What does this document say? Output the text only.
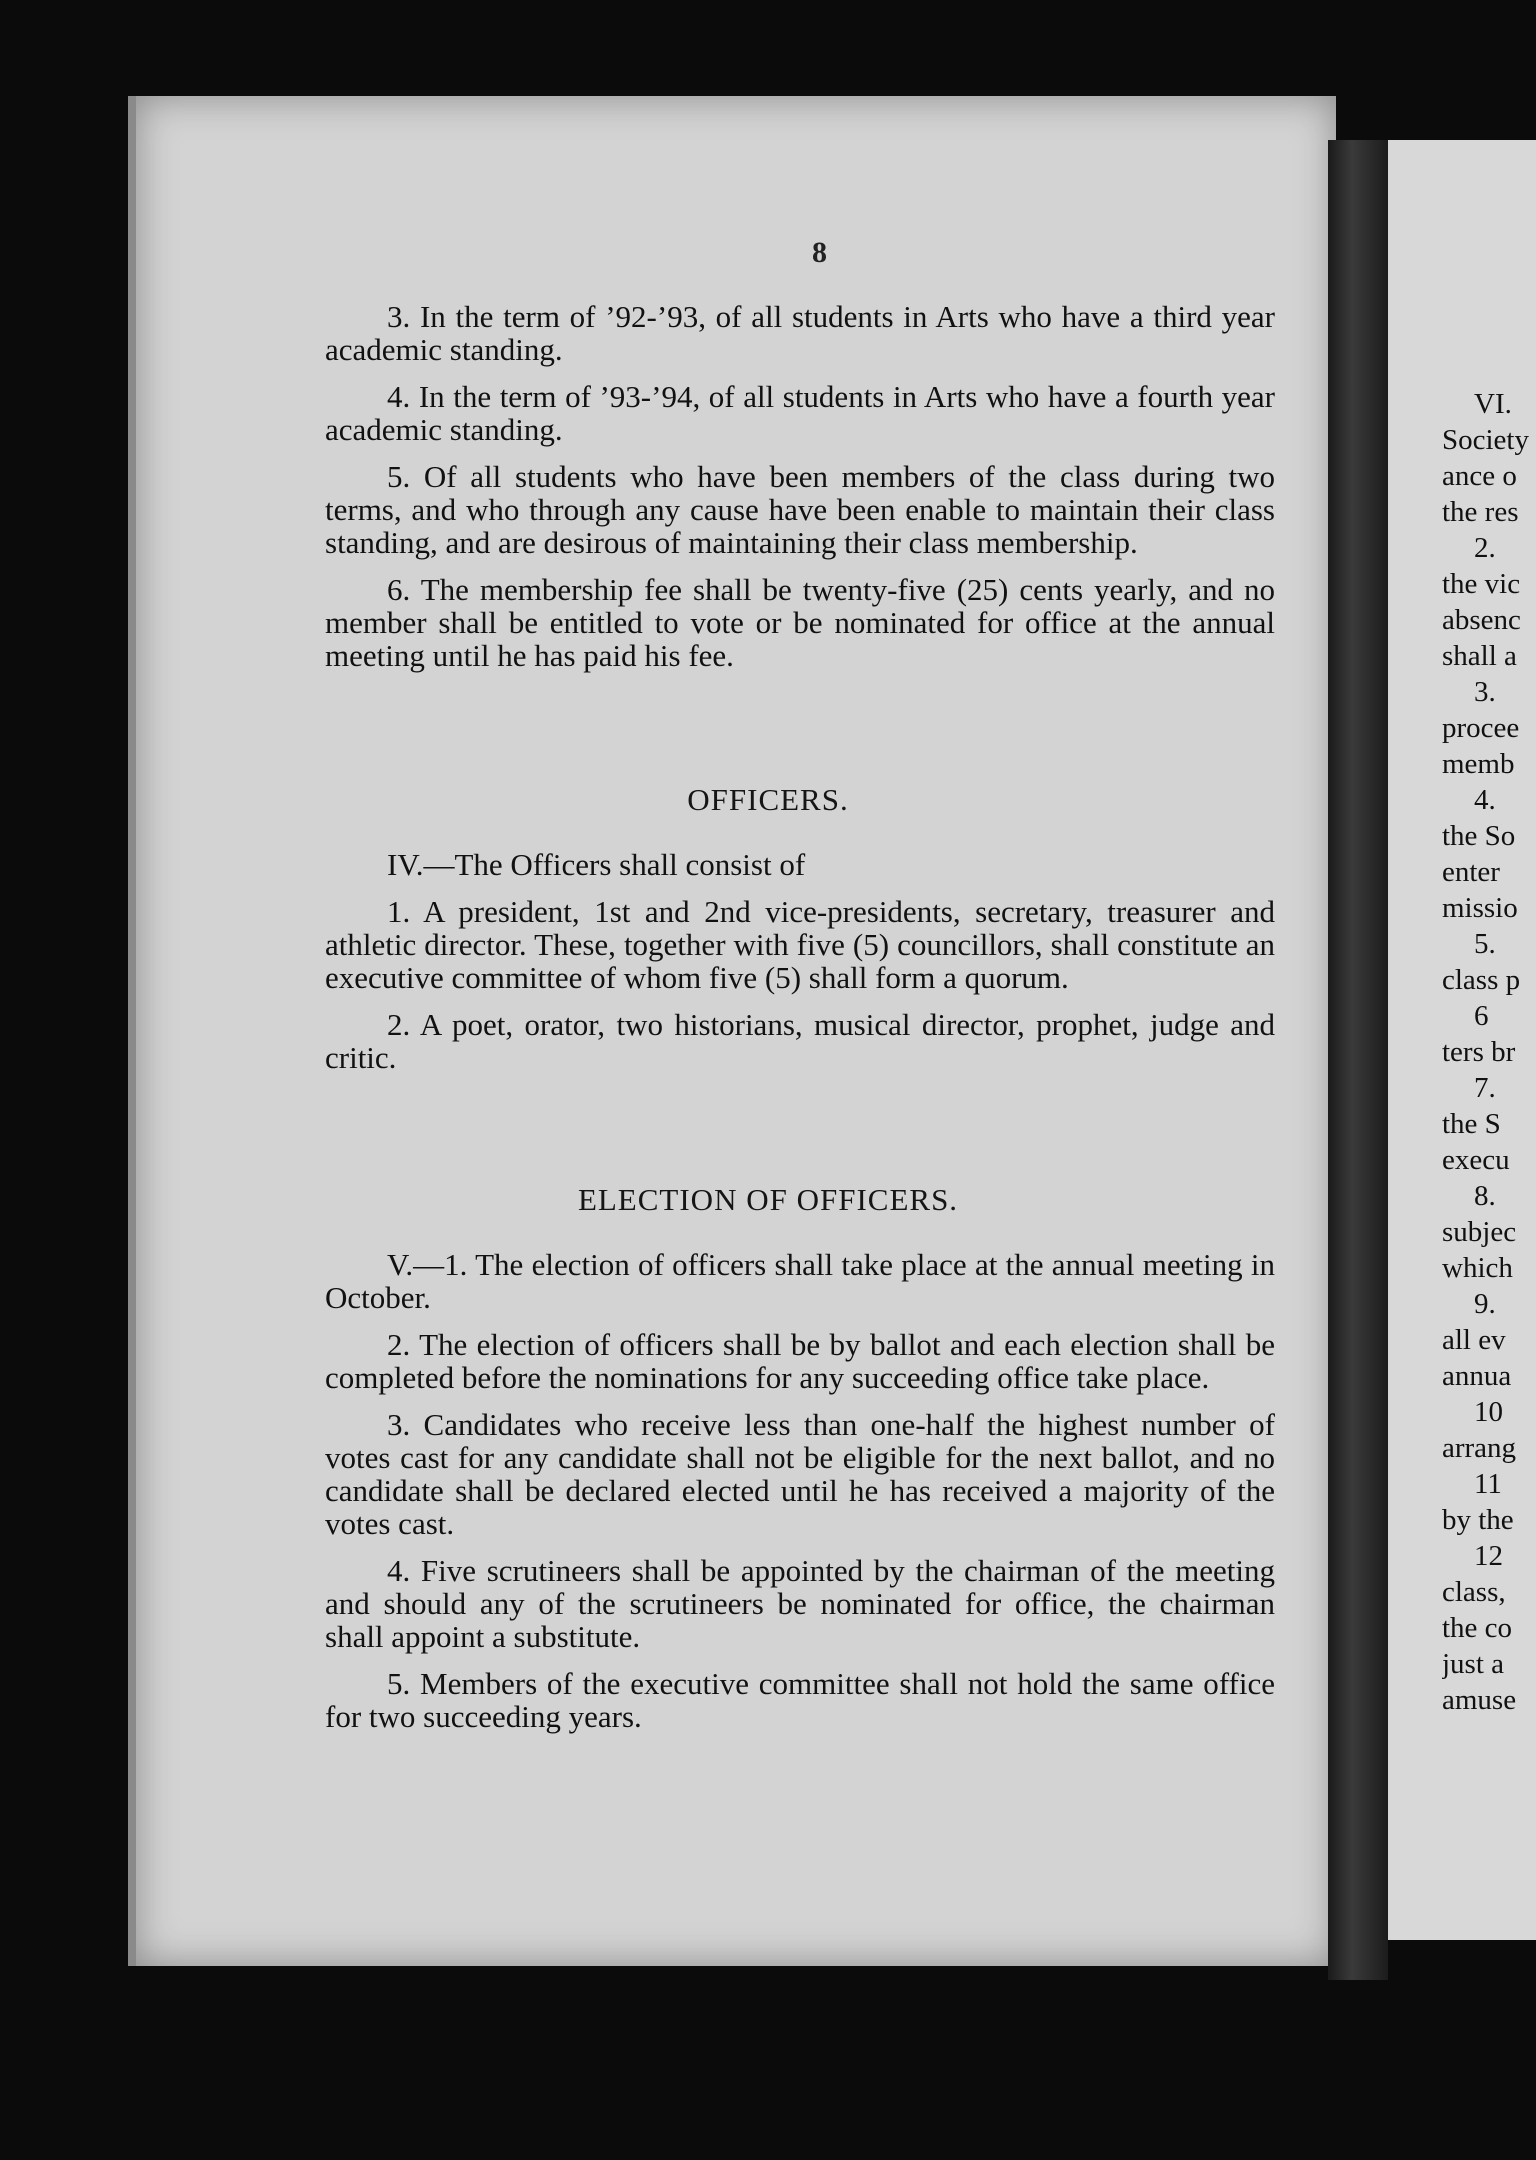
8

3. In the term of ’92-’93, of all students in Arts who have a third year academic standing.

4. In the term of ’93-’94, of all students in Arts who have a fourth year academic standing.

5. Of all students who have been members of the class during two terms, and who through any cause have been enable to maintain their class standing, and are desirous of maintaining their class membership.

6. The membership fee shall be twenty-five (25) cents yearly, and no member shall be entitled to vote or be nominated for office at the annual meeting until he has paid his fee.

OFFICERS.

IV.—The Officers shall consist of

1. A president, 1st and 2nd vice-presidents, secretary, treasurer and athletic director. These, together with five (5) councillors, shall constitute an executive committee of whom five (5) shall form a quorum.

2. A poet, orator, two historians, musical director, prophet, judge and critic.

ELECTION OF OFFICERS.

V.—1. The election of officers shall take place at the annual meeting in October.

2. The election of officers shall be by ballot and each election shall be completed before the nominations for any succeeding office take place.

3. Candidates who receive less than one-half the highest number of votes cast for any candidate shall not be eligible for the next ballot, and no candidate shall be declared elected until he has received a majority of the votes cast.

4. Five scrutineers shall be appointed by the chairman of the meeting and should any of the scrutineers be nominated for office, the chairman shall appoint a substitute.

5. Members of the executive committee shall not hold the same office for two succeeding years.

VI.
Society
ance o
the res
2.
the vic
absenc
shall a
3.
procee
memb
4.
the So
enter
missio
5.
class p
6
ters br
7.
the S
execu
8.
subjec
which
9.
all ev
annua
10
arrang
11
by the
12
class,
the co
just a
amuse
